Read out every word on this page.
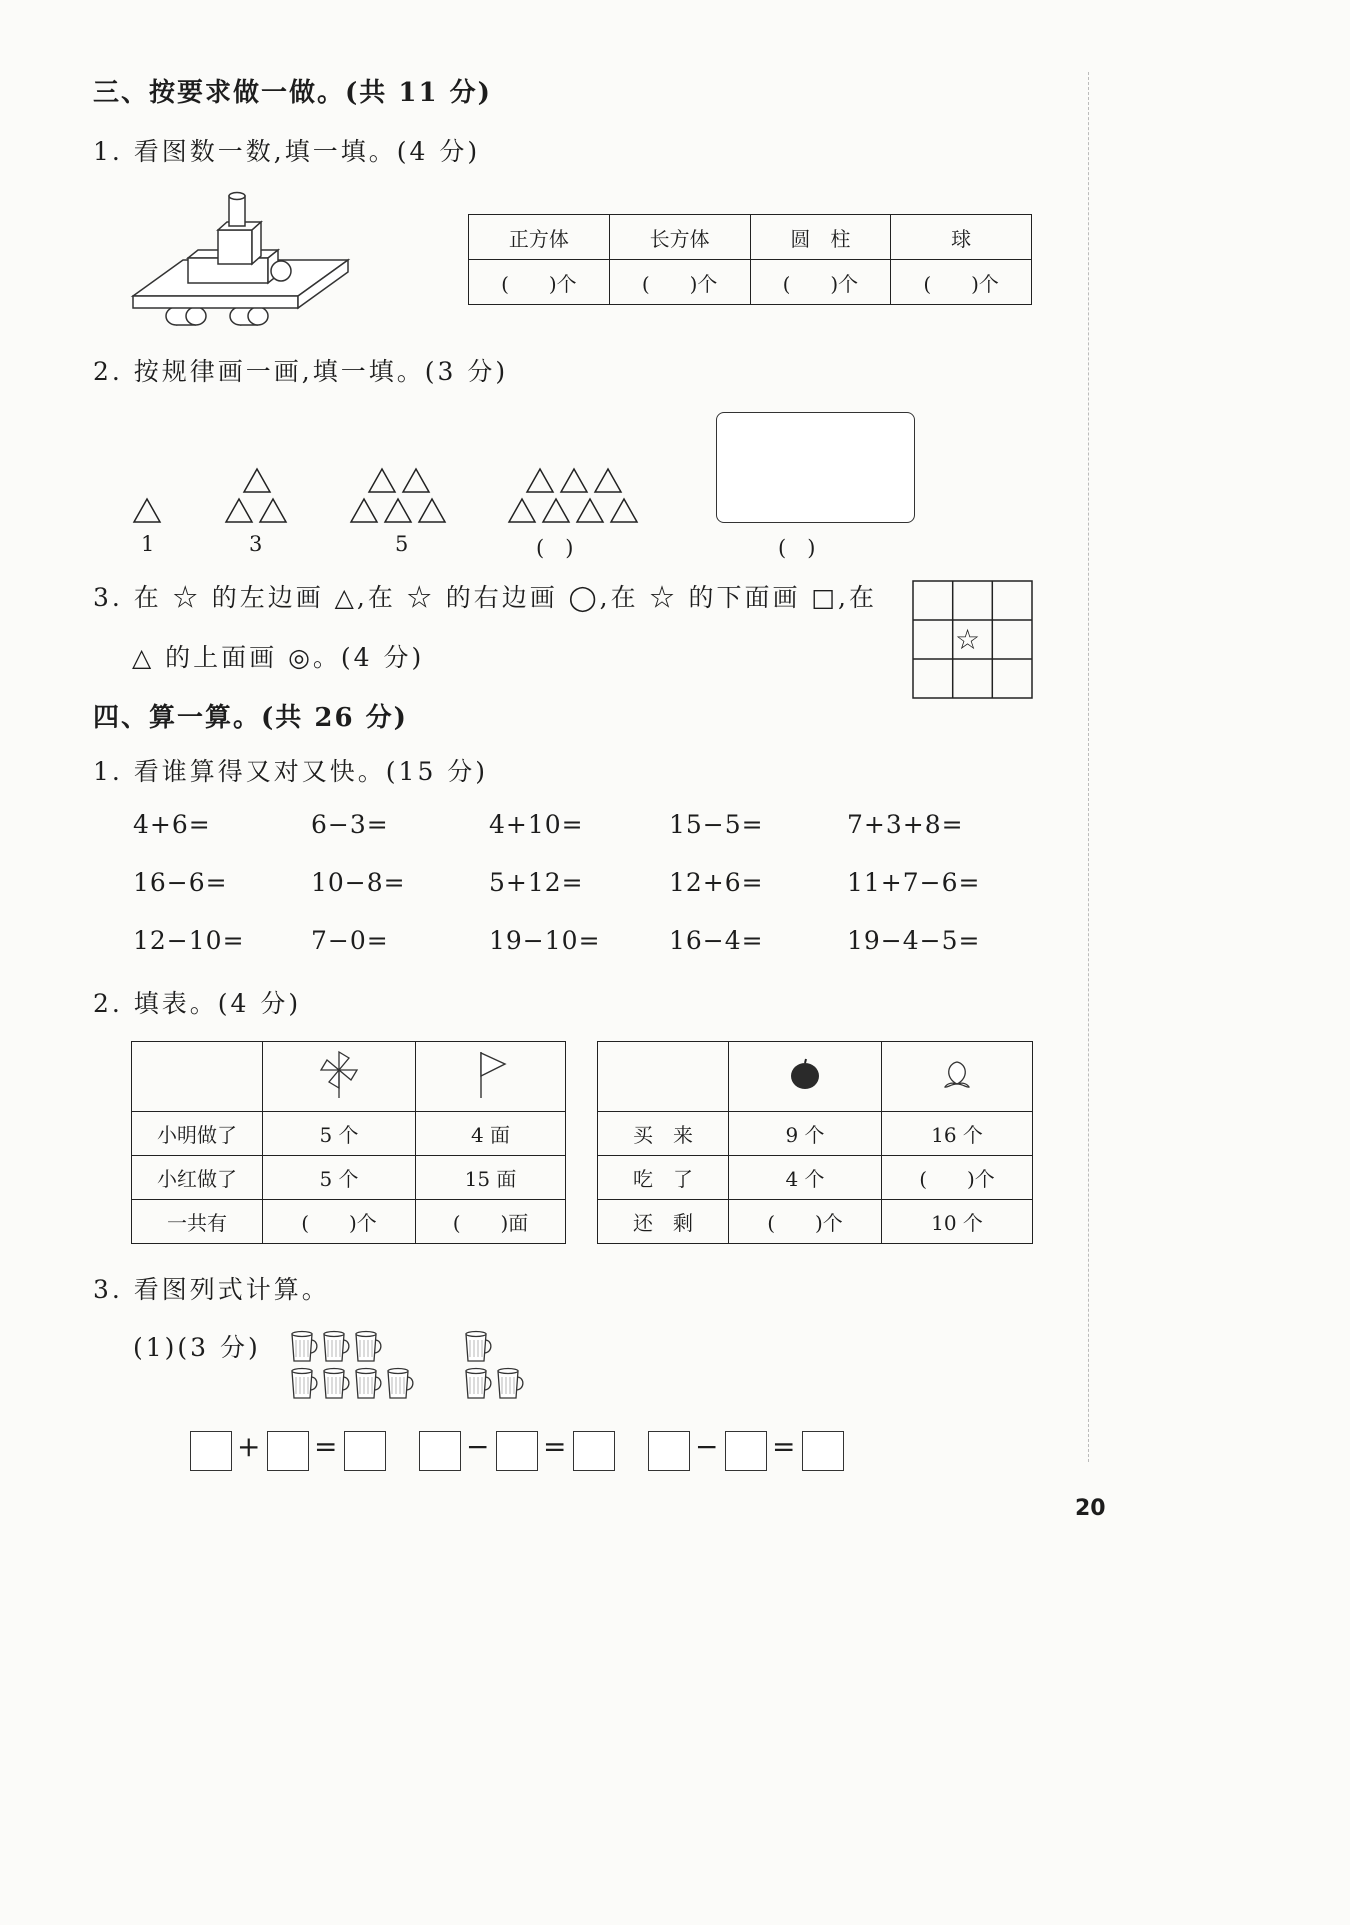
三、按要求做一做。(共 11 分)
1. 看图数一数,填一填。(4 分)
正方体	长方体	圆　柱	球
(　　)个	(　　)个	(　　)个	(　　)个
2. 按规律画一画,填一填。(3 分)
1	3	5	(　)	(　)
3. 在 ☆ 的左边画 △,在 ☆ 的右边画 ◯,在 ☆ 的下面画 □,在
△ 的上面画 ◎。(4 分)
☆
四、算一算。(共 26 分)
1. 看谁算得又对又快。(15 分)
4+6=	6−3=	4+10=	15−5=	7+3+8=
16−6=	10−8=	5+12=	12+6=	11+7−6=
12−10=	7−0=	19−10=	16−4=	19−4−5=
2. 填表。(4 分)

小明做了	5 个	4 面
小红做了	5 个	15 面
一共有	(　　)个	(　　)面

买　来	9 个	16 个
吃　了	4 个	(　　)个
还　剩	(　　)个	10 个
3. 看图列式计算。
(1)(3 分)
+ =	− =	− =
20
